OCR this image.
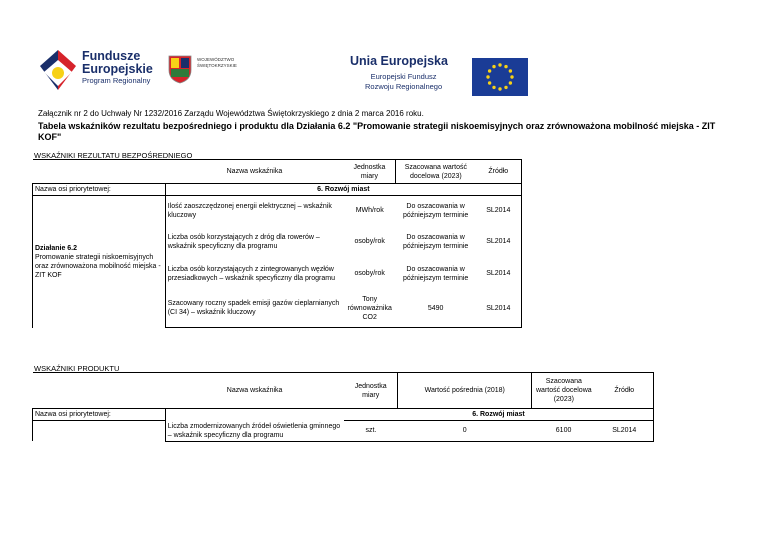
Fundusze
Europejskie
Program Regionalny
WOJEWÓDZTWO
ŚWIĘTOKRZYSKIE	Unia Europejska
Europejski Fundusz
Rozwoju Regionalnego
Załącznik nr 2 do Uchwały Nr 1232/2016 Zarządu Województwa Świętokrzyskiego z dnia 2 marca 2016 roku.
Tabela wskaźników rezultatu bezpośredniego i produktu dla Działania 6.2 "Promowanie strategii niskoemisyjnych oraz zrównoważona mobilność miejska - ZIT KOF"
WSKAŹNIKI REZULTATU BEZPOŚREDNIEGO
	Nazwa wskaźnika	Jednostka miary	Szacowana wartość docelowa (2023)	Źródło
Nazwa osi priorytetowej:	6. Rozwój miast			

Działanie 6.2
Promowanie strategii niskoemisyjnych oraz zrównoważona mobilność miejska - ZIT KOF	Ilość zaoszczędzonej energii elektrycznej – wskaźnik kluczowy	MWh/rok	Do oszacowania w późniejszym terminie	SL2014
	Liczba osób korzystających z dróg dla rowerów – wskaźnik specyficzny dla programu	osoby/rok	Do oszacowania w późniejszym terminie	SL2014
	Liczba osób korzystających z zintegrowanych węzłów przesiadkowych – wskaźnik specyficzny dla programu	osoby/rok	Do oszacowania w późniejszym terminie	SL2014
	Szacowany roczny spadek emisji gazów cieplarnianych (CI 34) – wskaźnik kluczowy	Tony równoważnika CO2	5490	SL2014
WSKAŹNIKI PRODUKTU
	Nazwa wskaźnika	Jednostka miary	Wartość pośrednia (2018)	Szacowana wartość docelowa (2023)	Źródło
Nazwa osi priorytetowej:		6. Rozwój miast			
	Liczba zmodernizowanych źródeł oświetlenia gminnego – wskaźnik specyficzny dla programu	szt.	0	6100	SL2014
